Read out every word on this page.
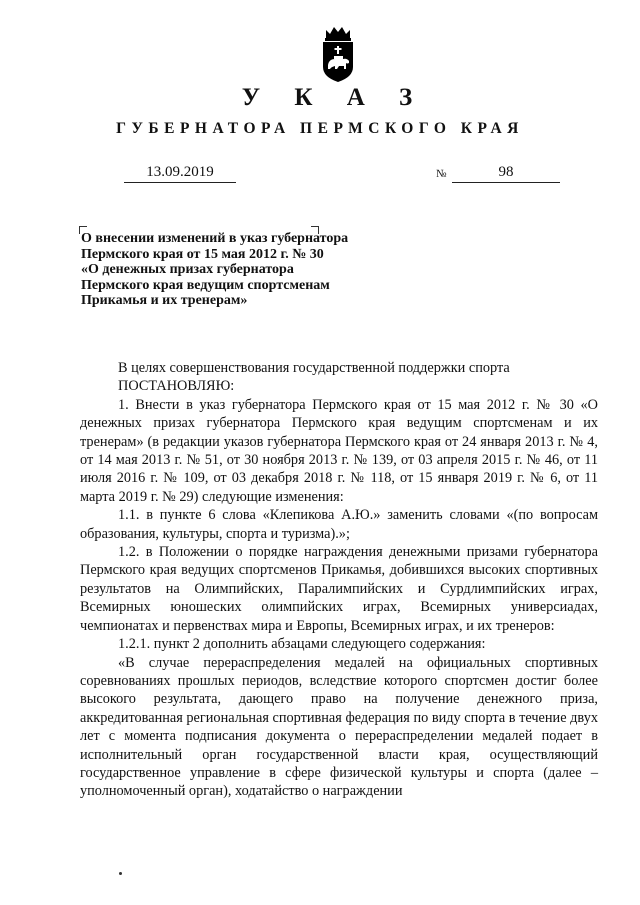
У К А З
ГУБЕРНАТОРА ПЕРМСКОГО КРАЯ
13.09.2019	№	98
О внесении изменений в указ губернатора
Пермского края от 15 мая 2012 г. № 30
«О денежных призах губернатора
Пермского края ведущим спортсменам
Прикамья и их тренерам»

В целях совершенствования государственной поддержки спорта

ПОСТАНОВЛЯЮ:

1. Внести в указ губернатора Пермского края от 15 мая 2012 г. № 30 «О денежных призах губернатора Пермского края ведущим спортсменам и их тренерам» (в редакции указов губернатора Пермского края от 24 января 2013 г. № 4, от 14 мая 2013 г. № 51, от 30 ноября 2013 г. № 139, от 03 апреля 2015 г. № 46, от 11 июля 2016 г. № 109, от 03 декабря 2018 г. № 118, от 15 января 2019 г. № 6, от 11 марта 2019 г. № 29) следующие изменения:

1.1. в пункте 6 слова «Клепикова А.Ю.» заменить словами «(по вопросам образования, культуры, спорта и туризма).»;

1.2. в Положении о порядке награждения денежными призами губернатора Пермского края ведущих спортсменов Прикамья, добившихся высоких спортивных результатов на Олимпийских, Паралимпийских и Сурдлимпийских играх, Всемирных юношеских олимпийских играх, Всемирных универсиадах, чемпионатах и первенствах мира и Европы, Всемирных играх, и их тренеров:

1.2.1. пункт 2 дополнить абзацами следующего содержания:

«В случае перераспределения медалей на официальных спортивных соревнованиях прошлых периодов, вследствие которого спортсмен достиг более высокого результата, дающего право на получение денежного приза, аккредитованная региональная спортивная федерация по виду спорта в течение двух лет с момента подписания документа о перераспределении медалей подает в исполнительный орган государственной власти края, осуществляющий государственное управление в сфере физической культуры и спорта (далее – уполномоченный орган), ходатайство о награждении
